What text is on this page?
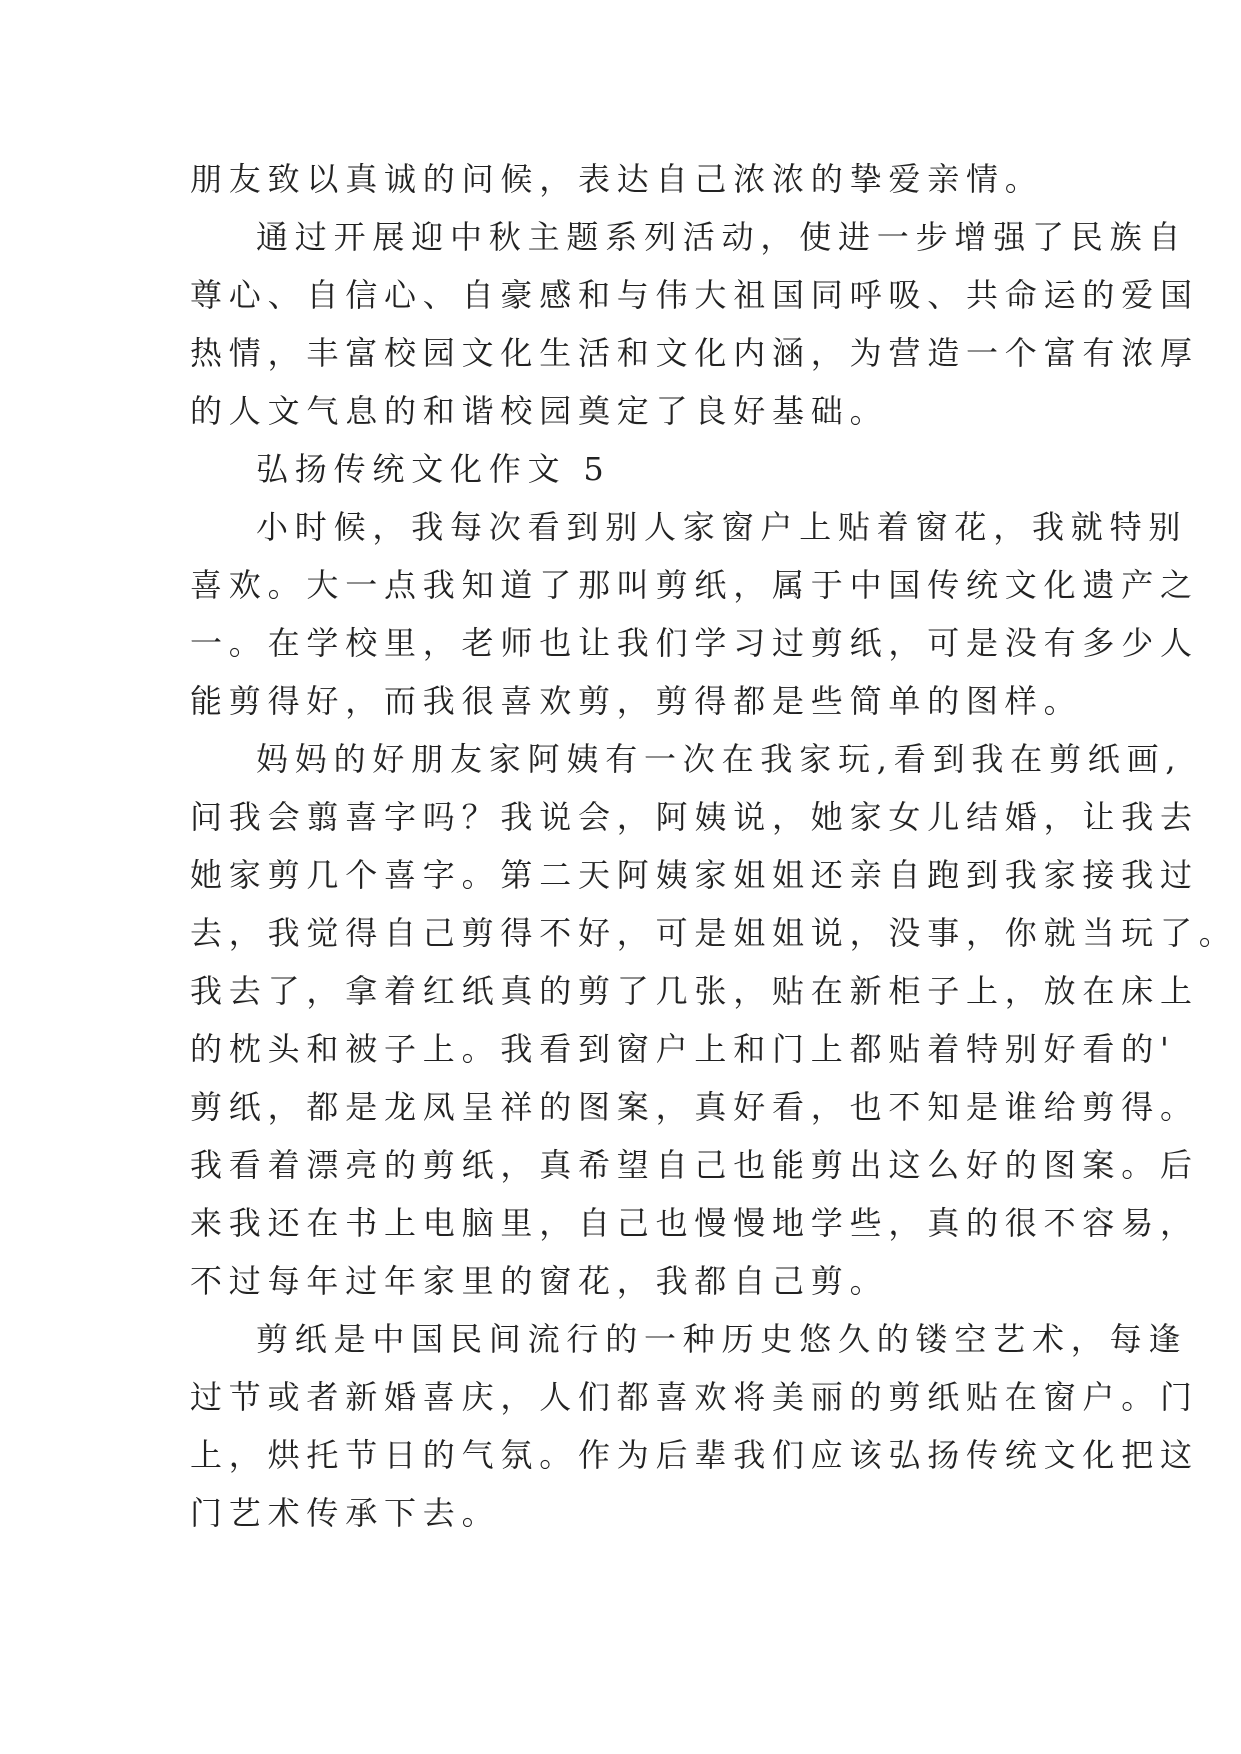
朋友致以真诚的问候，表达自己浓浓的挚爱亲情。
通过开展迎中秋主题系列活动，使进一步增强了民族自
尊心、自信心、自豪感和与伟大祖国同呼吸、共命运的爱国
热情，丰富校园文化生活和文化内涵，为营造一个富有浓厚
的人文气息的和谐校园奠定了良好基础。
弘扬传统文化作文 5
小时候，我每次看到别人家窗户上贴着窗花，我就特别
喜欢。大一点我知道了那叫剪纸，属于中国传统文化遗产之
一。在学校里，老师也让我们学习过剪纸，可是没有多少人
能剪得好，而我很喜欢剪，剪得都是些简单的图样。
妈妈的好朋友家阿姨有一次在我家玩,看到我在剪纸画,
问我会翦喜字吗？我说会，阿姨说，她家女儿结婚，让我去
她家剪几个喜字。第二天阿姨家姐姐还亲自跑到我家接我过
去，我觉得自己剪得不好，可是姐姐说，没事，你就当玩了。
我去了，拿着红纸真的剪了几张，贴在新柜子上，放在床上
的枕头和被子上。我看到窗户上和门上都贴着特别好看的'
剪纸，都是龙凤呈祥的图案，真好看，也不知是谁给剪得。
我看着漂亮的剪纸，真希望自己也能剪出这么好的图案。后
来我还在书上电脑里，自己也慢慢地学些，真的很不容易，
不过每年过年家里的窗花，我都自己剪。
剪纸是中国民间流行的一种历史悠久的镂空艺术，每逢
过节或者新婚喜庆，人们都喜欢将美丽的剪纸贴在窗户。门
上，烘托节日的气氛。作为后辈我们应该弘扬传统文化把这
门艺术传承下去。
